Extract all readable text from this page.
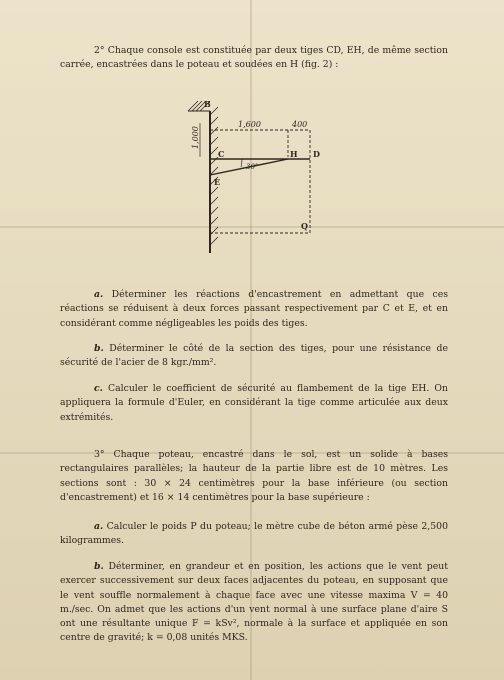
2° Chaque console est constituée par deux tiges CD, EH, de même section carrée, encastrées dans le poteau et soudées en H (fig. 2) :

1,000
1,600	400
B
C	H D
E
30°
Q

a. Déterminer les réactions d'encastrement en admettant que ces réactions se réduisent à deux forces passant respectivement par C et E, et en considérant comme négligeables les poids des tiges.

b. Déterminer le côté de la section des tiges, pour une résistance de sécurité de l'acier de 8 kgr./mm².

c. Calculer le coefficient de sécurité au flambement de la tige EH. On appliquera la formule d'Euler, en considérant la tige comme articulée aux deux extrémités.

3° Chaque poteau, encastré dans le sol, est un solide à bases rectangulaires parallèles; la hauteur de la partie libre est de 10 mètres. Les sections sont : 30 × 24 centimètres pour la base inférieure (ou section d'encastrement) et 16 × 14 centimètres pour la base supérieure :

a. Calculer le poids P du poteau; le mètre cube de béton armé pèse 2,500 kilogrammes.

b. Déterminer, en grandeur et en position, les actions que le vent peut exercer successivement sur deux faces adjacentes du poteau, en supposant que le vent souffle normalement à chaque face avec une vitesse maxima V = 40 m./sec. On admet que les actions d'un vent normal à une surface plane d'aire S ont une résultante unique F = kSv², normale à la surface et appliquée en son centre de gravité; k = 0,08 unités MKS.
